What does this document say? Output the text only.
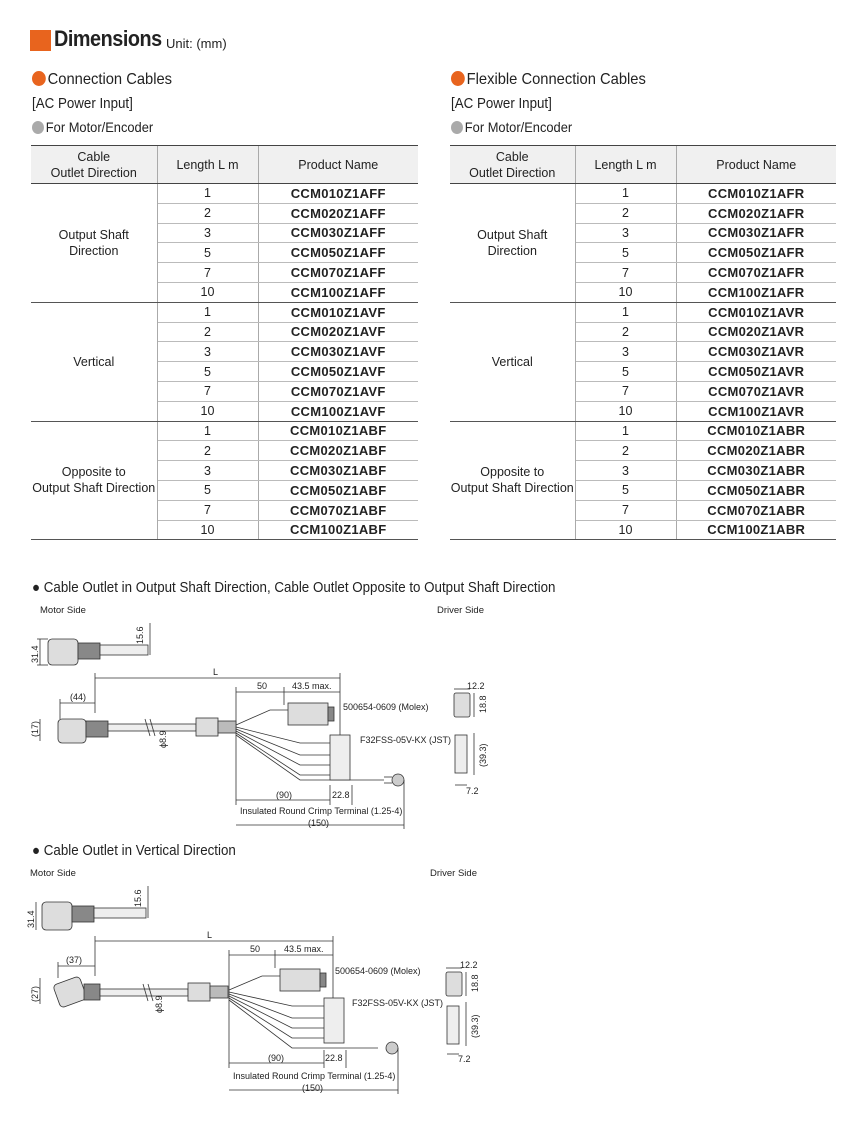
Dimensions Unit: (mm)
Connection Cables
[AC Power Input]
For Motor/Encoder
Cable
Outlet Direction	Length L m	Product Name
Output Shaft
Direction	1	CCM010Z1AFF
	2	CCM020Z1AFF
	3	CCM030Z1AFF
	5	CCM050Z1AFF
	7	CCM070Z1AFF
	10	CCM100Z1AFF
Vertical	1	CCM010Z1AVF
	2	CCM020Z1AVF
	3	CCM030Z1AVF
	5	CCM050Z1AVF
	7	CCM070Z1AVF
	10	CCM100Z1AVF
Opposite to
Output Shaft Direction	1	CCM010Z1ABF
	2	CCM020Z1ABF
	3	CCM030Z1ABF
	5	CCM050Z1ABF
	7	CCM070Z1ABF
	10	CCM100Z1ABF
Flexible Connection Cables
[AC Power Input]
For Motor/Encoder
Cable
Outlet Direction	Length L m	Product Name
Output Shaft
Direction	1	CCM010Z1AFR
	2	CCM020Z1AFR
	3	CCM030Z1AFR
	5	CCM050Z1AFR
	7	CCM070Z1AFR
	10	CCM100Z1AFR
Vertical	1	CCM010Z1AVR
	2	CCM020Z1AVR
	3	CCM030Z1AVR
	5	CCM050Z1AVR
	7	CCM070Z1AVR
	10	CCM100Z1AVR
Opposite to
Output Shaft Direction	1	CCM010Z1ABR
	2	CCM020Z1ABR
	3	CCM030Z1ABR
	5	CCM050Z1ABR
	7	CCM070Z1ABR
	10	CCM100Z1ABR
● Cable Outlet in Output Shaft Direction, Cable Outlet Opposite to Output Shaft Direction
Motor Side	Driver Side
15.6
31.4
L
(44)
(17)
50	43.5 max.
500654-0609 (Molex)
F32FSS-05V-KX (JST)
ϕ8.9
(90)	22.8
Insulated Round Crimp Terminal (1.25-4)
(150)
12.2
18.8
(39.3)
7.2
● Cable Outlet in Vertical Direction
Motor Side	Driver Side
15.6
31.4
L
(37)
(27)
50	43.5 max.
500654-0609 (Molex)
F32FSS-05V-KX (JST)
ϕ8.9
(90)	22.8
Insulated Round Crimp Terminal (1.25-4)
(150)
12.2
18.8
(39.3)
7.2
